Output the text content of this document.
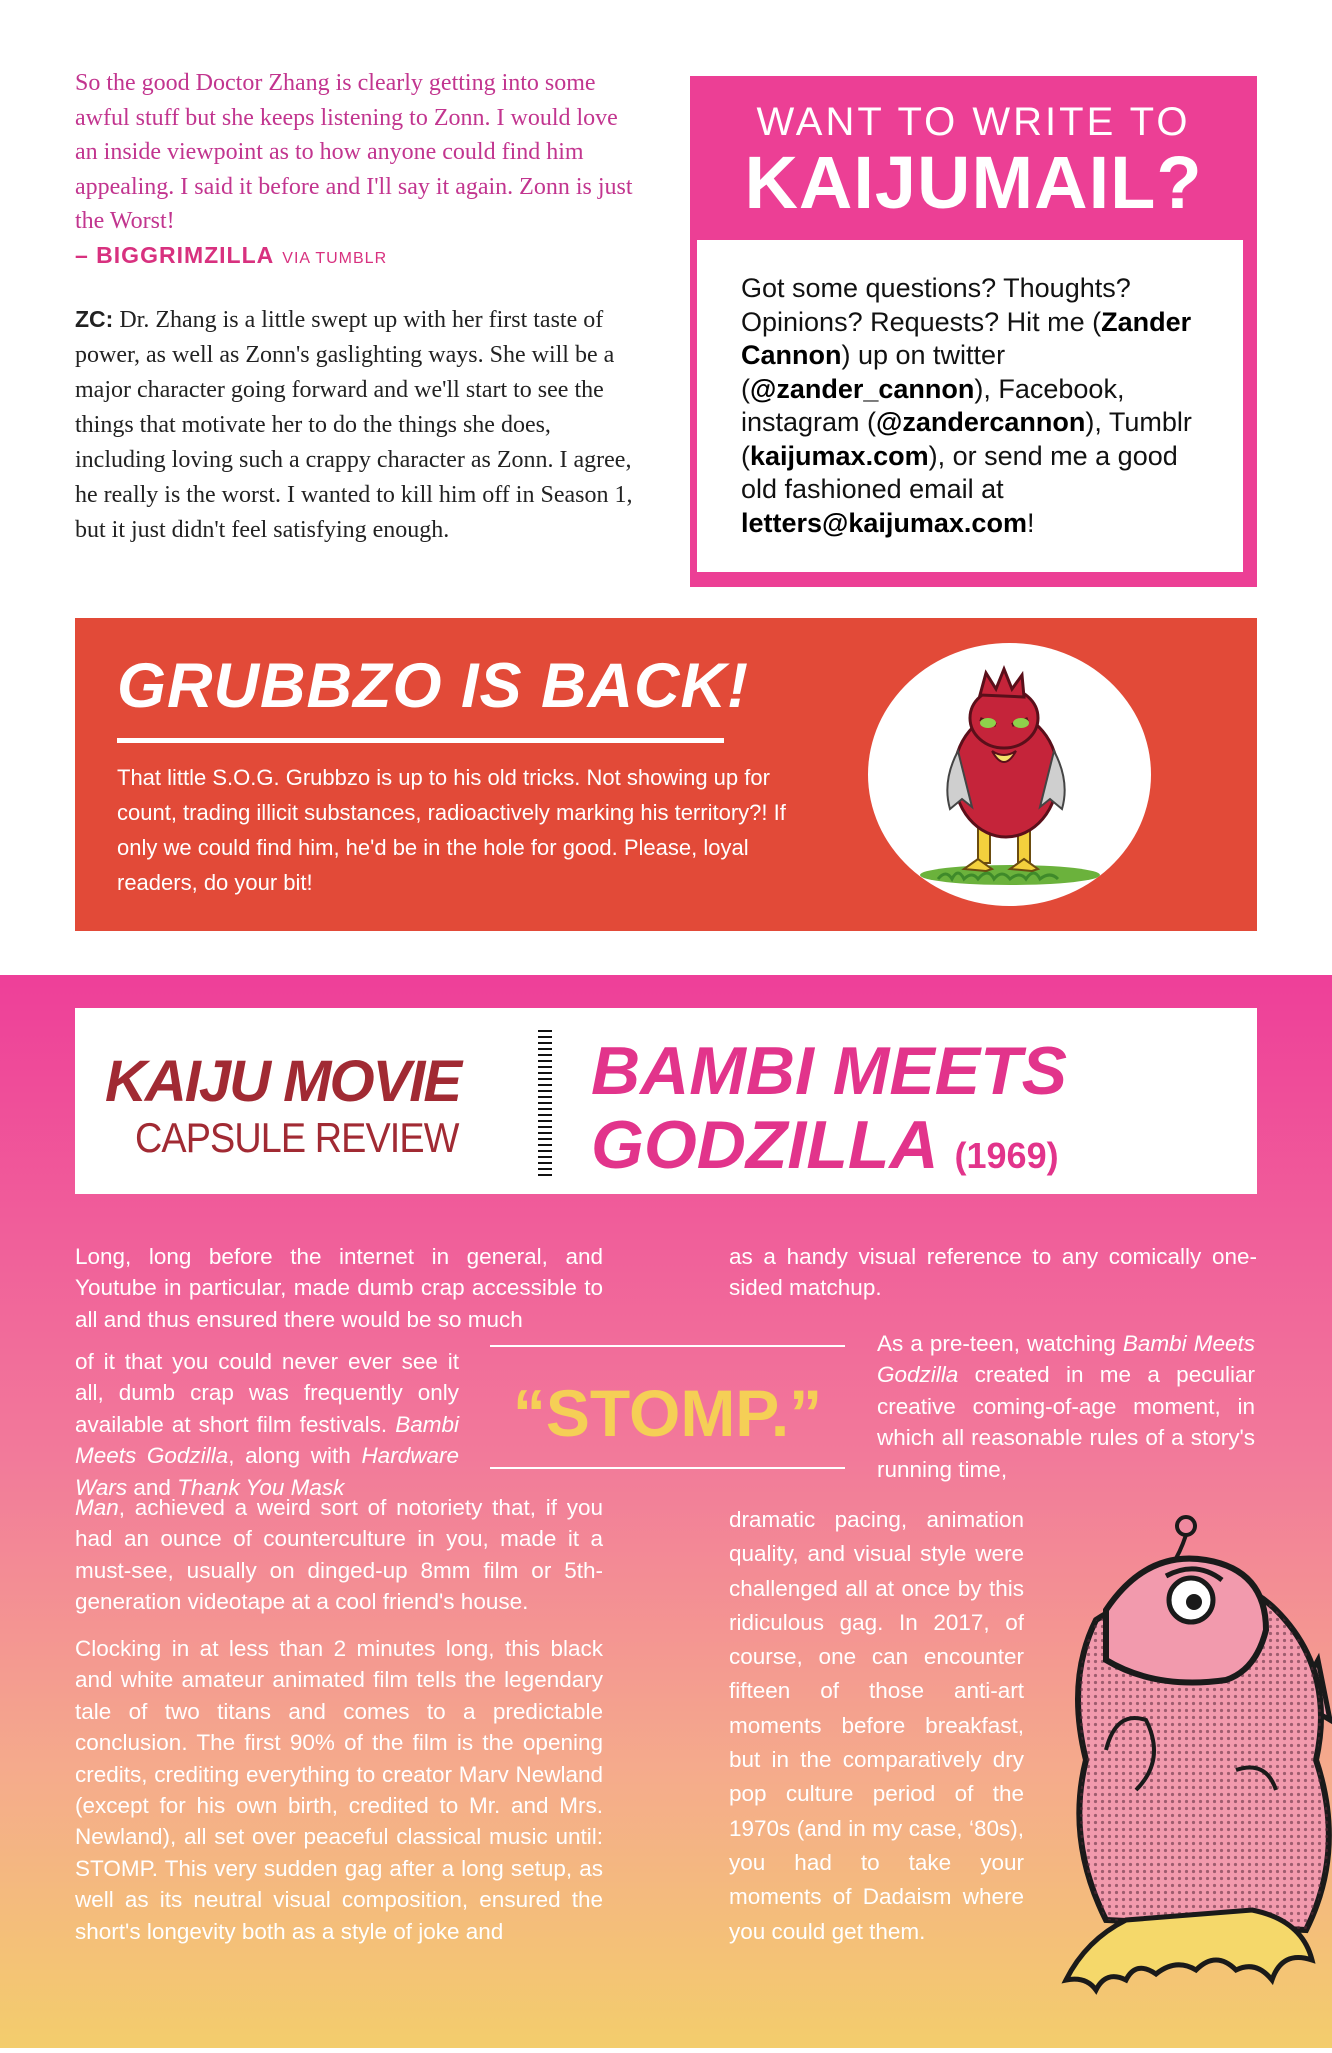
So the good Doctor Zhang is clearly getting into some awful stuff but she keeps listening to Zonn. I would love an inside viewpoint as to how anyone could find him appealing. I said it before and I'll say it again. Zonn is just the Worst!
– BIGGRIMZILLA VIA TUMBLR
ZC: Dr. Zhang is a little swept up with her first taste of power, as well as Zonn's gaslighting ways. She will be a major character going forward and we'll start to see the things that motivate her to do the things she does, including loving such a crappy character as Zonn. I agree, he really is the worst. I wanted to kill him off in Season 1, but it just didn't feel satisfying enough.
WANT TO WRITE TO
KAIJUMAIL?
Got some questions? Thoughts? Opinions? Requests? Hit me (Zander Cannon) up on twitter (@zander_cannon), Facebook, instagram (@zandercannon), Tumblr (kaijumax.com), or send me a good old fashioned email at letters@kaijumax.com!
GRUBBZO IS BACK!
That little S.O.G. Grubbzo is up to his old tricks. Not showing up for count, trading illicit substances, radioactively marking his territory?! If only we could find him, he'd be in the hole for good. Please, loyal readers, do your bit!
KAIJU MOVIE
CAPSULE REVIEW
BAMBI MEETS
GODZILLA (1969)
Long, long before the internet in general, and Youtube in particular, made dumb crap accessible to all and thus ensured there would be so much
of it that you could never ever see it all, dumb crap was frequently only available at short film festivals. Bambi Meets Godzilla, along with Hardware Wars and Thank You Mask
Man, achieved a weird sort of notoriety that, if you had an ounce of counterculture in you, made it a must-see, usually on dinged-up 8mm film or 5th-generation videotape at a cool friend's house.
Clocking in at less than 2 minutes long, this black and white amateur animated film tells the legendary tale of two titans and comes to a predictable conclusion. The first 90% of the film is the opening credits, crediting everything to creator Marv Newland (except for his own birth, credited to Mr. and Mrs. Newland), all set over peaceful classical music until: STOMP. This very sudden gag after a long setup, as well as its neutral visual composition, ensured the short's longevity both as a style of joke and
“STOMP.”
as a handy visual reference to any comically one-sided matchup.
As a pre-teen, watching Bambi Meets Godzilla created in me a peculiar creative coming-of-age moment, in which all reasonable rules of a story's running time,
dramatic pacing, animation quality, and visual style were challenged all at once by this ridiculous gag. In 2017, of course, one can encounter fifteen of those anti-art moments before breakfast, but in the comparatively dry pop culture period of the 1970s (and in my case, ‘80s), you had to take your moments of Dadaism where you could get them.
